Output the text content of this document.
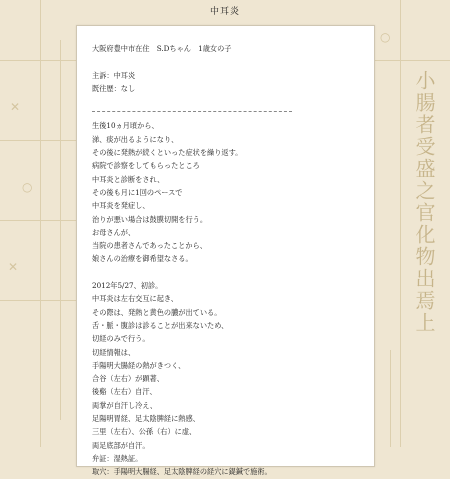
✕
○
✕
○
小腸者受盛之官化物出焉上
中耳炎

大阪府豊中市在住　S.Dちゃん　1歳女の子

主訴：中耳炎

既往歴：なし

生後10ヵ月頃から、

涕、痰が出るようになり、

その後に発熱が続くといった症状を繰り返す。

病院で診察をしてもらったところ

中耳炎と診断をされ、

その後も月に1回のペースで

中耳炎を発症し、

治りが悪い場合は鼓膜切開を行う。

お母さんが、

当院の患者さんであったことから、

娘さんの治療を御希望なさる。

2012年5/27、初診。

中耳炎は左右交互に起き、

その際は、発熱と黄色の膿が出ている。

舌・脈・腹診は診ることが出来ないため、

切経のみで行う。

切経情報は、

手陽明大腸経の熱がきつく、

合谷（左右）が顕著、

後谿（左右）自汗、

両掌が自汗し冷え、

足陽明胃経、足太陰脾経に熱感、

三里（左右）、公孫（右）に虚、

両足底部が自汗。

弁証：湿熱証。

取穴：手陽明大腸経、足太陰脾経の経穴に鍉鍼で施術。
